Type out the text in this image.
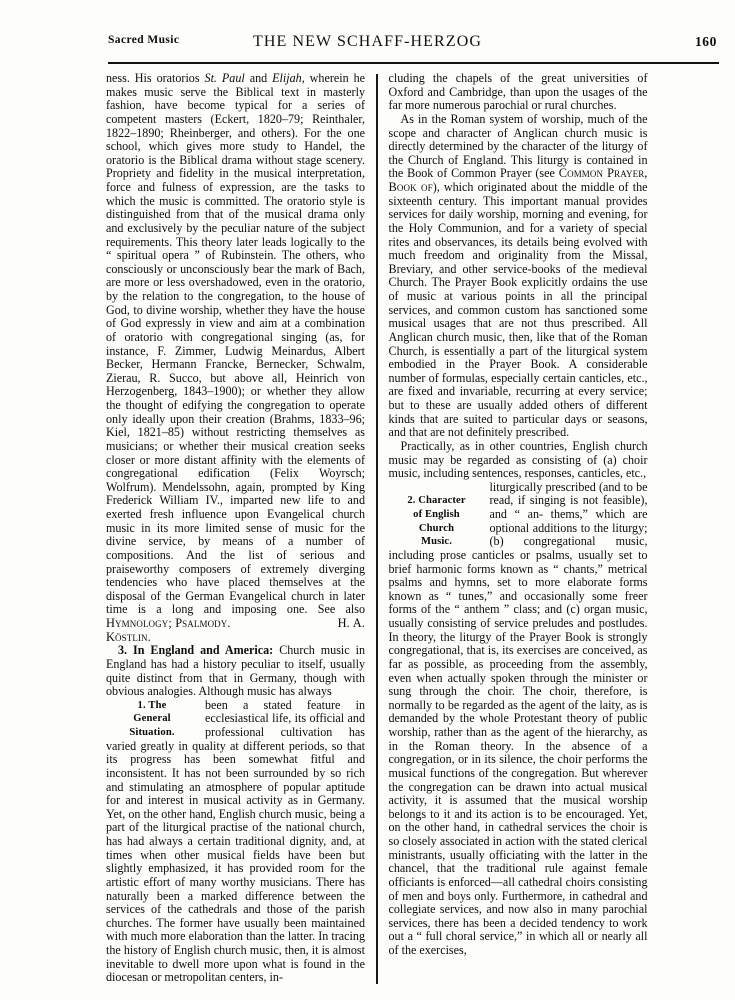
Sacred Music	THE NEW SCHAFF-HERZOG	160

ness. His oratorios St. Paul and Elijah, wherein he makes music serve the Biblical text in masterly fashion, have become typical for a series of competent masters (Eckert, 1820–79; Reinthaler, 1822–1890; Rheinberger, and others). For the one school, which gives more study to Handel, the oratorio is the Biblical drama without stage scenery. Propriety and fidelity in the musical interpretation, force and fulness of expression, are the tasks to which the music is committed. The oratorio style is distinguished from that of the musical drama only and exclusively by the peculiar nature of the subject requirements. This theory later leads logically to the “ spiritual opera ” of Rubinstein. The others, who consciously or unconsciously bear the mark of Bach, are more or less overshadowed, even in the oratorio, by the relation to the congregation, to the house of God, to divine worship, whether they have the house of God expressly in view and aim at a combination of oratorio with congregational singing (as, for instance, F. Zimmer, Ludwig Meinardus, Albert Becker, Hermann Francke, Bernecker, Schwalm, Zierau, R. Succo, but above all, Heinrich von Herzogenberg, 1843–1900); or whether they allow the thought of edifying the congregation to operate only ideally upon their creation (Brahms, 1833–96; Kiel, 1821–85) without restricting themselves as musicians; or whether their musical creation seeks closer or more distant affinity with the elements of congregational edification (Felix Woyrsch; Wolfrum). Mendelssohn, again, prompted by King Frederick William IV., imparted new life to and exerted fresh influence upon Evangelical church music in its more limited sense of music for the divine service, by means of a number of compositions. And the list of serious and praiseworthy composers of extremely diverging tendencies who have placed themselves at the disposal of the German Evangelical church in later time is a long and imposing one. See also Hymnology; Psalmody.                               H. A. Köstlin.

3. In England and America: Church music in England has had a history peculiar to itself, usually quite distinct from that in Germany, though with obvious analogies. Although music has always

1. The
General
Situation.

been a stated feature in ecclesiastical life, its official and professional cultivation has varied greatly in quality at different periods, so that its progress has been somewhat fitful and inconsistent. It has not been surrounded by so rich and stimulating an atmosphere of popular aptitude for and interest in musical activity as in Germany. Yet, on the other hand, English church music, being a part of the liturgical practise of the national church, has had always a certain traditional dignity, and, at times when other musical fields have been but slightly emphasized, it has provided room for the artistic effort of many worthy musicians. There has naturally been a marked difference between the services of the cathedrals and those of the parish churches. The former have usually been maintained with much more elaboration than the latter. In tracing the history of English church music, then, it is almost inevitable to dwell more upon what is found in the diocesan or metropolitan centers, in-

cluding the chapels of the great universities of Oxford and Cambridge, than upon the usages of the far more numerous parochial or rural churches.

As in the Roman system of worship, much of the scope and character of Anglican church music is directly determined by the character of the liturgy of the Church of England. This liturgy is contained in the Book of Common Prayer (see Common Prayer, Book of), which originated about the middle of the sixteenth century. This important manual provides services for daily worship, morning and evening, for the Holy Communion, and for a variety of special rites and observances, its details being evolved with much freedom and originality from the Missal, Breviary, and other service-books of the medieval Church. The Prayer Book explicitly ordains the use of music at various points in all the principal services, and common custom has sanctioned some musical usages that are not thus prescribed. All Anglican church music, then, like that of the Roman Church, is essentially a part of the liturgical system embodied in the Prayer Book. A considerable number of formulas, especially certain canticles, etc., are fixed and invariable, recurring at every service; but to these are usually added others of different kinds that are suited to particular days or seasons, and that are not definitely prescribed.

Practically, as in other countries, English church music may be regarded as consisting of (a) choir music, including sentences, responses, canticles, etc.,

2. Character
of English
Church
Music.

liturgically prescribed (and to be read, if singing is not feasible), and “ an- thems,” which are optional additions to the liturgy; (b) congregational music, including prose canticles or psalms, usually set to brief harmonic forms known as “ chants,” metrical psalms and hymns, set to more elaborate forms known as “ tunes,” and occasionally some freer forms of the “ anthem ” class; and (c) organ music, usually consisting of service preludes and postludes. In theory, the liturgy of the Prayer Book is strongly congregational, that is, its exercises are conceived, as far as possible, as proceeding from the assembly, even when actually spoken through the minister or sung through the choir. The choir, therefore, is normally to be regarded as the agent of the laity, as is demanded by the whole Protestant theory of public worship, rather than as the agent of the hierarchy, as in the Roman theory. In the absence of a congregation, or in its silence, the choir performs the musical functions of the congregation. But wherever the congregation can be drawn into actual musical activity, it is assumed that the musical worship belongs to it and its action is to be encouraged. Yet, on the other hand, in cathedral services the choir is so closely associated in action with the stated clerical ministrants, usually officiating with the latter in the chancel, that the traditional rule against female officiants is enforced—all cathedral choirs consisting of men and boys only. Furthermore, in cathedral and collegiate services, and now also in many parochial services, there has been a decided tendency to work out a “ full choral service,” in which all or nearly all of the exercises,
